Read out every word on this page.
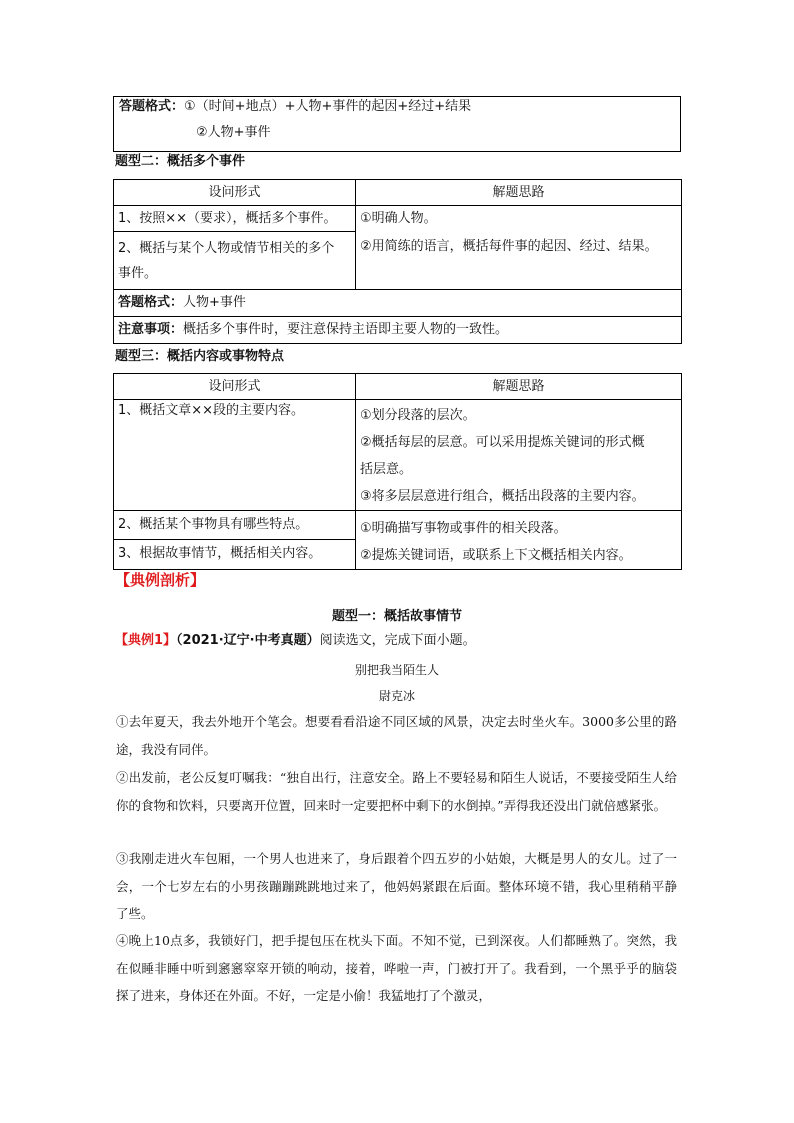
答题格式：①（时间+地点）+人物+事件的起因+经过+结果
②人物+事件
题型二：概括多个事件
设问形式	解题思路
1、按照××（要求），概括多个事件。	①明确人物。
②用简练的语言，概括每件事的起因、经过、结果。

2、概括与某个人物或情节相关的多个
事件。	

答题格式：人物+事件	
注意事项：概括多个事件时，要注意保持主语即主要人物的一致性。	
题型三：概括内容或事物特点
设问形式	解题思路
1、概括文章××段的主要内容。	①划分段落的层次。
②概括每层的层意。可以采用提炼关键词的形式概
括层意。
③将多层层意进行组合，概括出段落的主要内容。

2、概括某个事物具有哪些特点。	①明确描写事物或事件的相关段落。
②提炼关键词语，或联系上下文概括相关内容。

3、根据故事情节，概括相关内容。	
【典例剖析】
题型一：概括故事情节
【典例1】（2021·辽宁·中考真题）阅读选文，完成下面小题。
别把我当陌生人
尉克冰
①去年夏天，我去外地开个笔会。想要看看沿途不同区域的风景，决定去时坐火车。3000多公里的路途，我没有同伴。
②出发前，老公反复叮嘱我：“独自出行，注意安全。路上不要轻易和陌生人说话，不要接受陌生人给你的食物和饮料，只要离开位置，回来时一定要把杯中剩下的水倒掉。”弄得我还没出门就倍感紧张。
③我刚走进火车包厢，一个男人也进来了，身后跟着个四五岁的小姑娘，大概是男人的女儿。过了一会，一个七岁左右的小男孩蹦蹦跳跳地过来了，他妈妈紧跟在后面。整体环境不错，我心里稍稍平静了些。
④晚上10点多，我锁好门，把手提包压在枕头下面。不知不觉，已到深夜。人们都睡熟了。突然，我在似睡非睡中听到窸窸窣窣开锁的响动，接着，哗啦一声，门被打开了。我看到，一个黑乎乎的脑袋探了进来，身体还在外面。不好，一定是小偷！我猛地打了个激灵，
